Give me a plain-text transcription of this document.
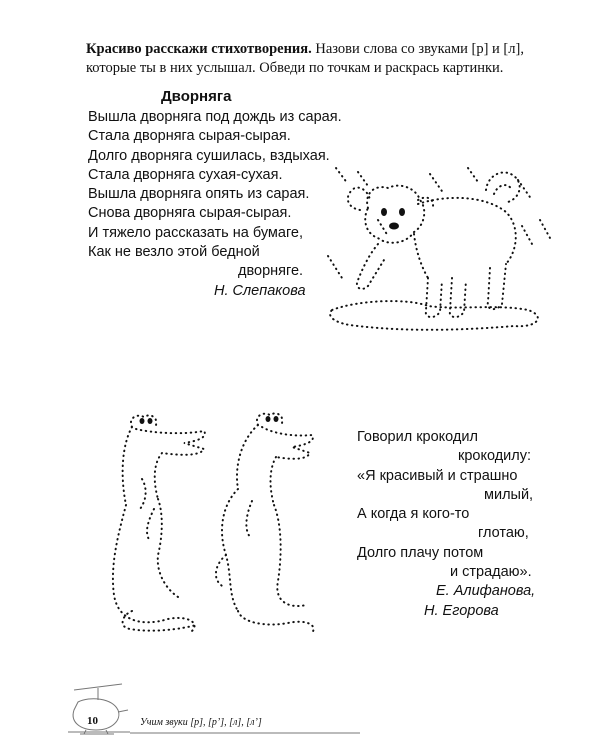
Красиво расскажи стихотворения. Назови слова со звуками [р] и [л], которые ты в них услышал. Обведи по точкам и раскрась картинки.
Дворняга
Вышла дворняга под дождь из сарая.
Стала дворняга сырая-сырая.
Долго дворняга сушилась, вздыхая.
Стала дворняга сухая-сухая.
Вышла дворняга опять из сарая.
Снова дворняга сырая-сырая.
И тяжело рассказать на бумаге,
Как не везло этой бедной
дворняге.
Н. Слепакова
Говорил крокодил
крокодилу:
«Я красивый и страшно
милый,
А когда я кого-то
глотаю,
Долго плачу потом
и страдаю».
Е. Алифанова,
Н. Егорова
10	Учим звуки [р], [р’], [л], [л’]
